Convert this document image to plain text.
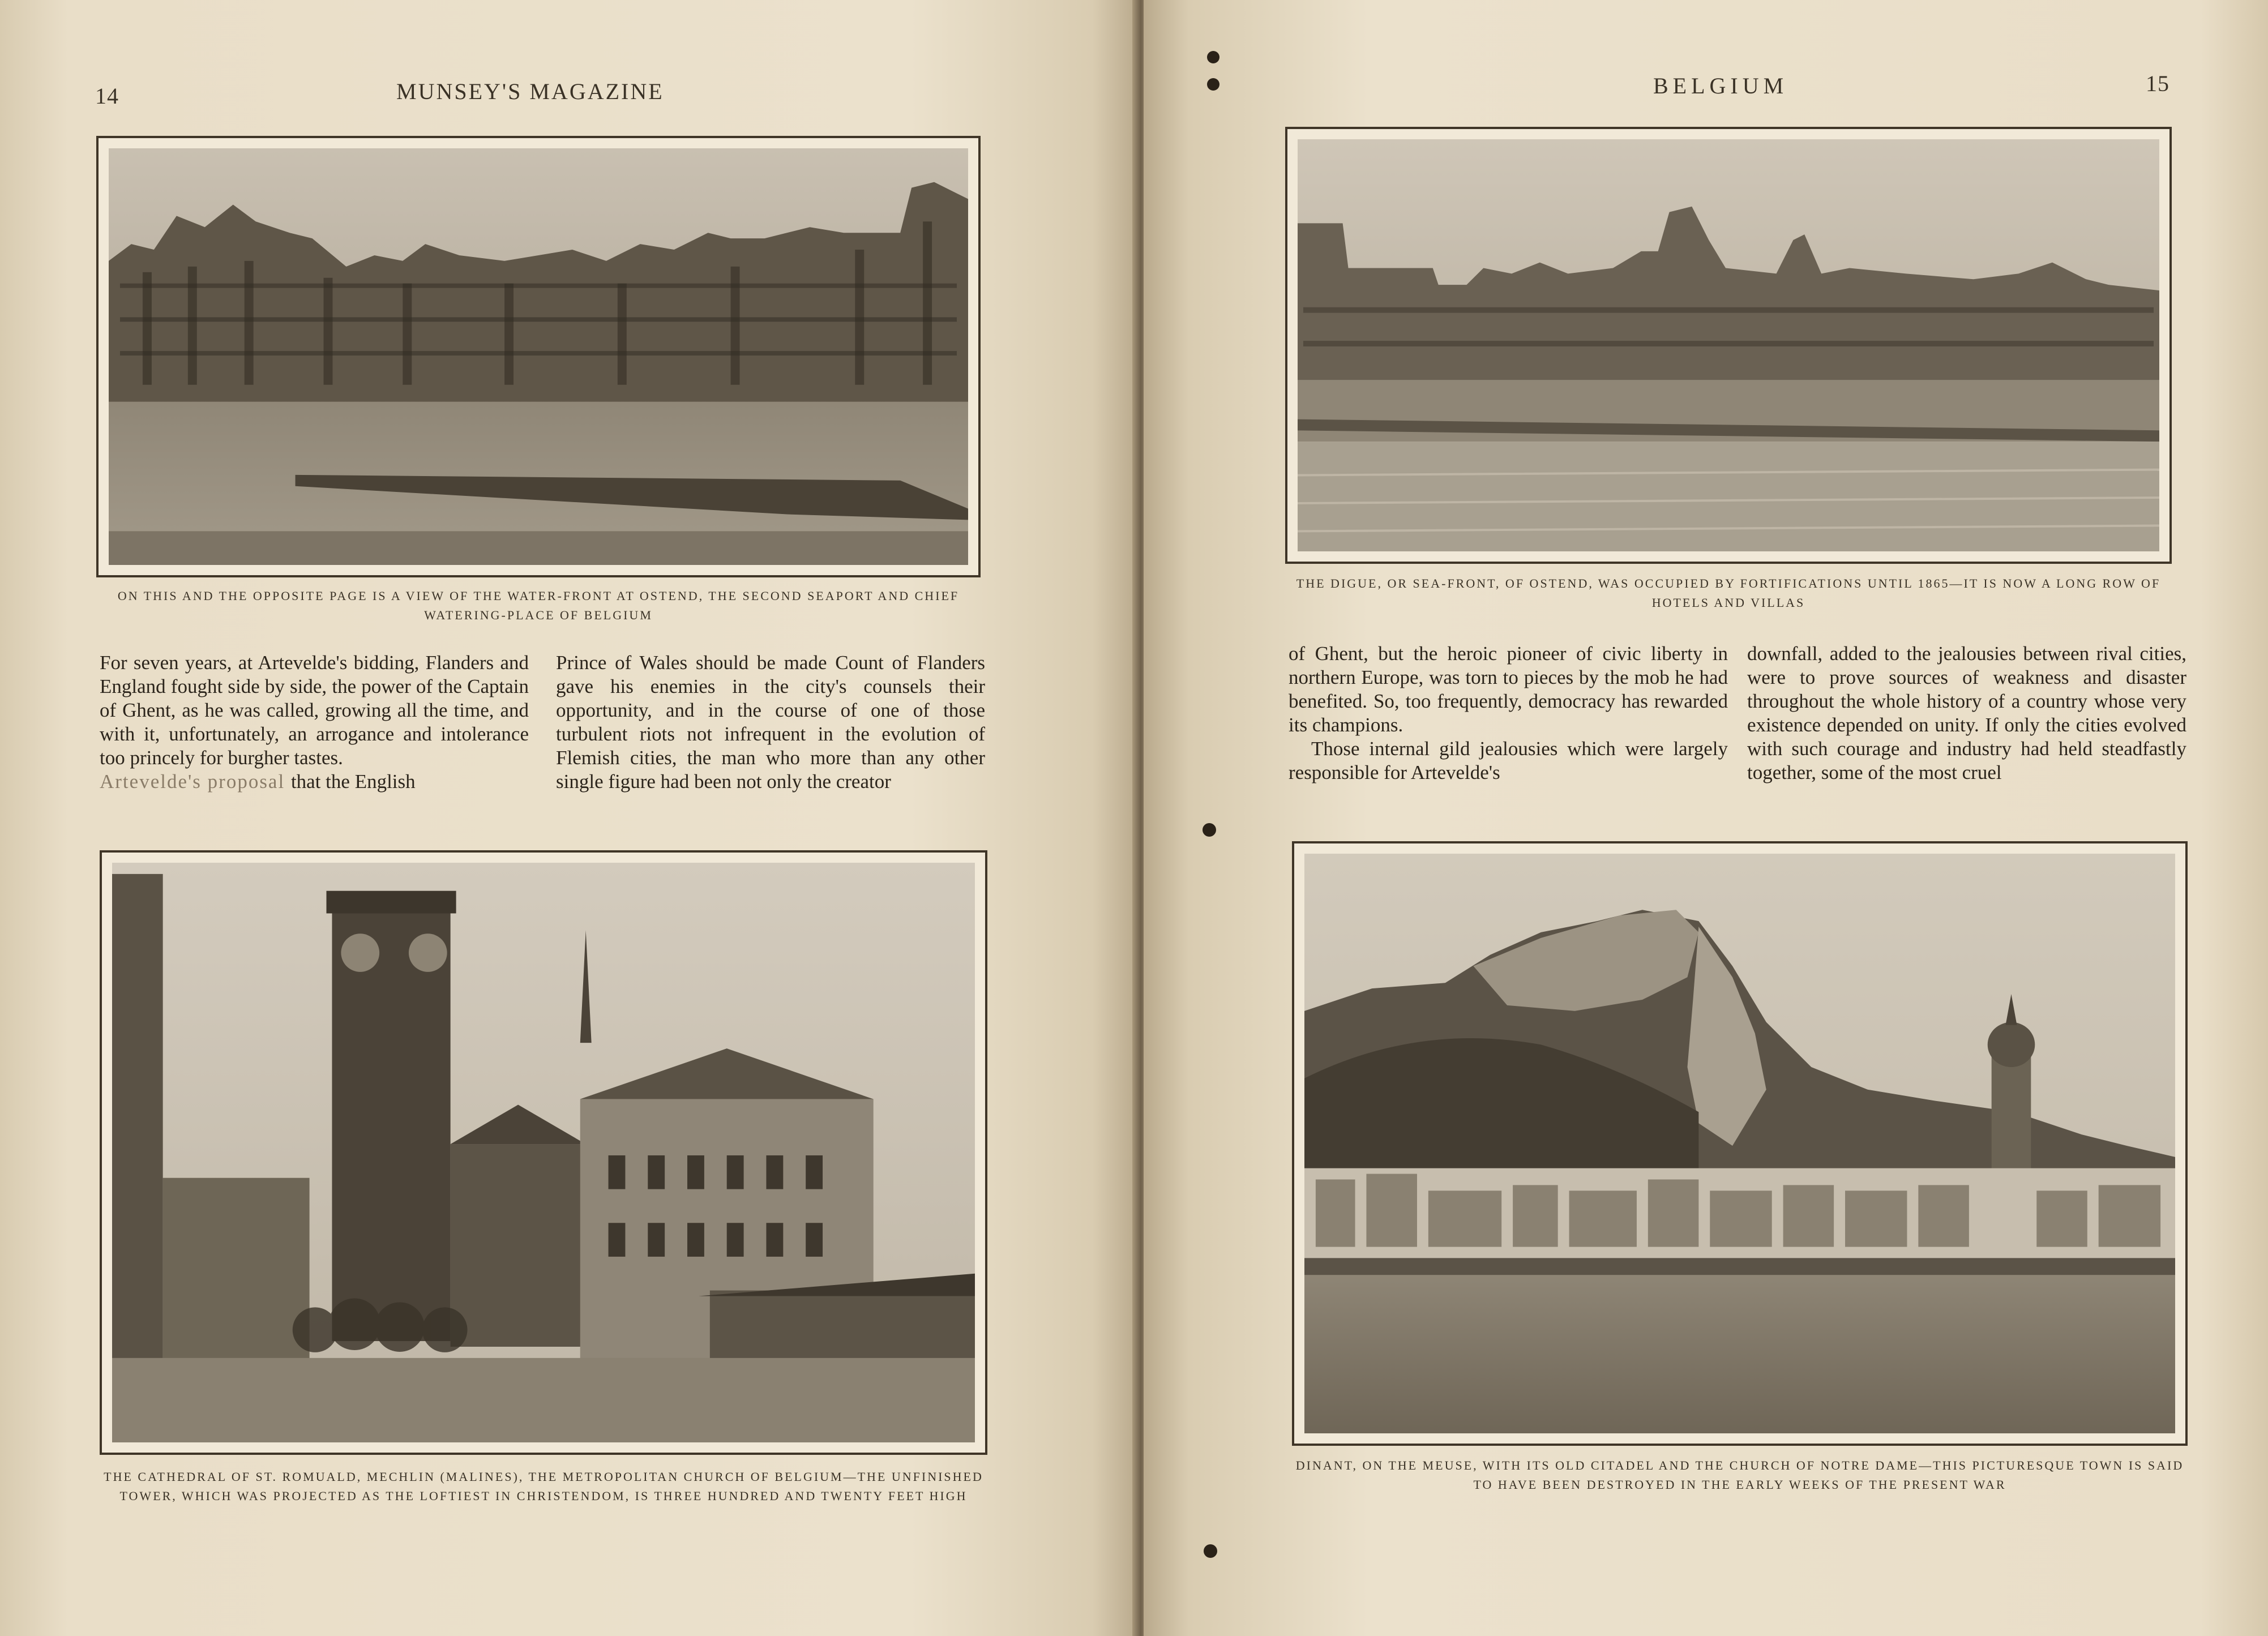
14	MUNSEY'S MAGAZINE
ON THIS AND THE OPPOSITE PAGE IS A VIEW OF THE WATER-FRONT AT OSTEND, THE SECOND SEAPORT AND CHIEF WATERING-PLACE OF BELGIUM

For seven years, at Artevelde's bidding, Flanders and England fought side by side, the power of the Captain of Ghent, as he was called, growing all the time, and with it, unfortunately, an arrogance and intolerance too princely for burgher tastes.

Artevelde's proposal that the English

Prince of Wales should be made Count of Flanders gave his enemies in the city's counsels their opportunity, and in the course of one of those turbulent riots not infrequent in the evolution of Flemish cities, the man who more than any other single figure had been not only the creator

THE CATHEDRAL OF ST. ROMUALD, MECHLIN (MALINES), THE METROPOLITAN CHURCH OF BELGIUM—THE UNFINISHED TOWER, WHICH WAS PROJECTED AS THE LOFTIEST IN CHRISTENDOM, IS THREE HUNDRED AND TWENTY FEET HIGH
BELGIUM	15
THE DIGUE, OR SEA-FRONT, OF OSTEND, WAS OCCUPIED BY FORTIFICATIONS UNTIL 1865—IT IS NOW A LONG ROW OF HOTELS AND VILLAS

of Ghent, but the heroic pioneer of civic liberty in northern Europe, was torn to pieces by the mob he had benefited. So, too frequently, democracy has rewarded its champions.

Those internal gild jealousies which were largely responsible for Artevelde's

downfall, added to the jealousies between rival cities, were to prove sources of weakness and disaster throughout the whole history of a country whose very existence depended on unity. If only the cities evolved with such courage and industry had held steadfastly together, some of the most cruel

DINANT, ON THE MEUSE, WITH ITS OLD CITADEL AND THE CHURCH OF NOTRE DAME—THIS PICTURESQUE TOWN IS SAID TO HAVE BEEN DESTROYED IN THE EARLY WEEKS OF THE PRESENT WAR
